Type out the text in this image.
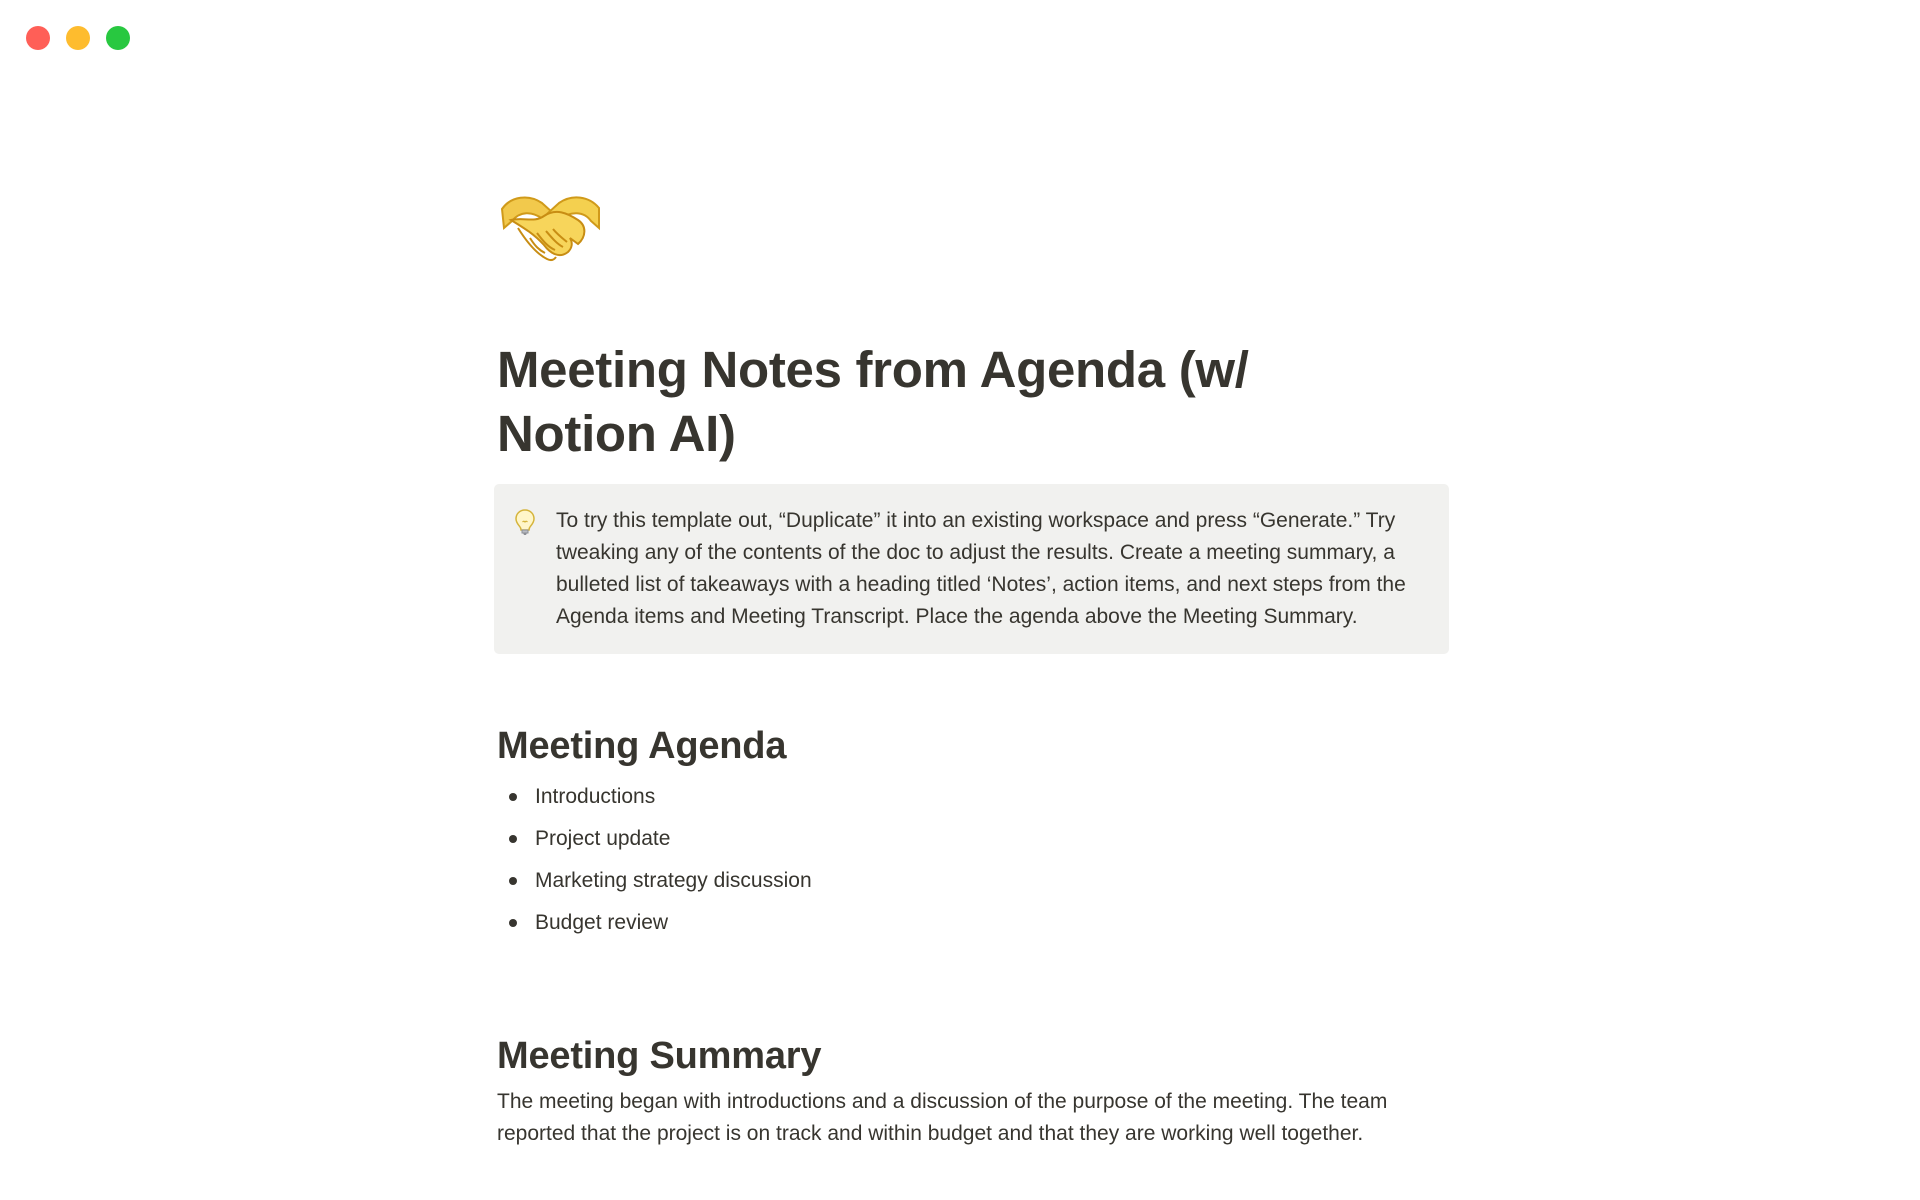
Meeting Notes from Agenda (w/ Notion AI)
To try this template out, “Duplicate” it into an existing workspace and press “Generate.” Try tweaking any of the contents of the doc to adjust the results. Create a meeting summary, a bulleted list of takeaways with a heading titled ‘Notes’, action items, and next steps from the Agenda items and Meeting Transcript. Place the agenda above the Meeting Summary.
Meeting Agenda
Introductions
Project update
Marketing strategy discussion
Budget review
Meeting Summary

The meeting began with introductions and a discussion of the purpose of the meeting. The team reported that the project is on track and within budget and that they are working well together.
